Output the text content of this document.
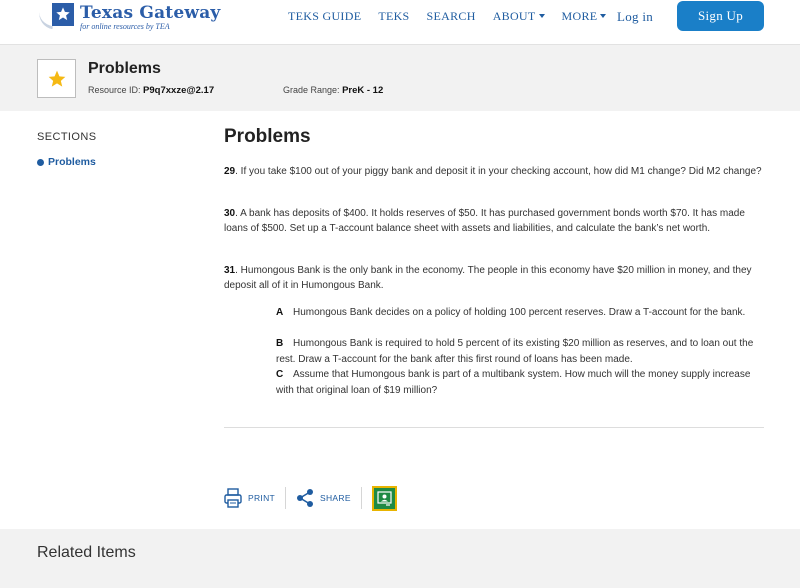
Texas Gateway
for online resources by TEA
TEKS GUIDE TEKS SEARCH ABOUT MORE Log in	Sign Up
Problems
Resource ID: P9q7xxze@2.17	Grade Range: PreK - 12
SECTIONS
Problems
Problems
29. If you take $100 out of your piggy bank and deposit it in your checking account, how did M1 change? Did M2 change?
30. A bank has deposits of $400. It holds reserves of $50. It has purchased government bonds worth $70. It has made loans of $500. Set up a T-account balance sheet with assets and liabilities, and calculate the bank’s net worth.
31. Humongous Bank is the only bank in the economy. The people in this economy have $20 million in money, and they deposit all of it in Humongous Bank.
A Humongous Bank decides on a policy of holding 100 percent reserves. Draw a T-account for the bank.
B Humongous Bank is required to hold 5 percent of its existing $20 million as reserves, and to loan out the rest. Draw a T-account for the bank after this first round of loans has been made.
C Assume that Humongous bank is part of a multibank system. How much will the money supply increase with that original loan of $19 million?
PRINT	SHARE
Related Items
